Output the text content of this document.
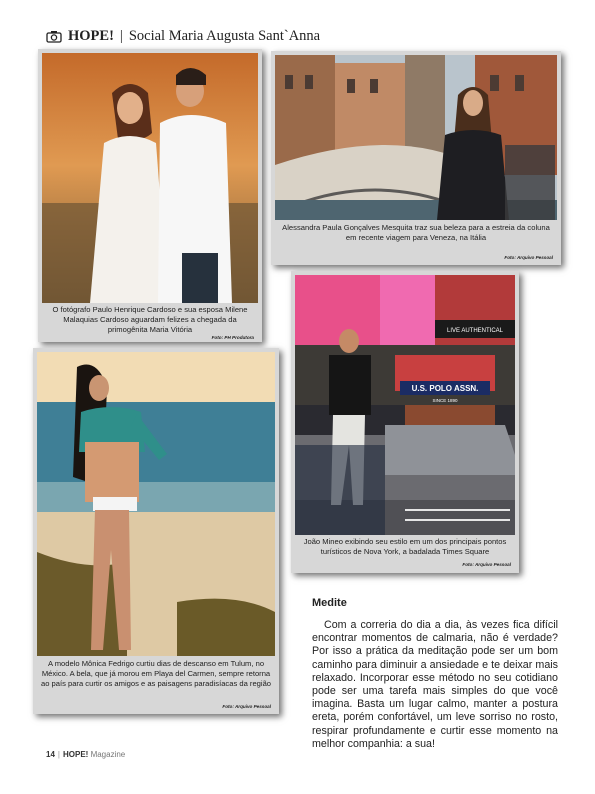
HOPE! | Social Maria Augusta Sant`Anna
O fotógrafo Paulo Henrique Cardoso e sua esposa Milene Malaquias Cardoso aguardam felizes a chegada da primogênita Maria Vitória
Foto: PH Produtora
Alessandra Paula Gonçalves Mesquita traz sua beleza para a estreia da coluna em recente viagem para Veneza, na Itália
Foto: Arquivo Pessoal
LIVE AUTHENTICAL
U.S. POLO ASSN.
SINCE 1890
João Mineo exibindo seu estilo em um dos principais pontos turísticos de Nova York, a badalada Times Square
Foto: Arquivo Pessoal
A modelo Mônica Fedrigo curtiu dias de descanso em Tulum, no México. A bela, que já morou em Playa del Carmen, sempre retorna ao país para curtir os amigos e as paisagens paradisíacas da região
Foto: Arquivo Pessoal
Medite

Com a correria do dia a dia, às vezes fica difícil encontrar momentos de calmaria, não é verdade? Por isso a prática da meditação pode ser um bom caminho para diminuir a ansiedade e te deixar mais relaxado. Incorporar esse método no seu cotidiano pode ser uma tarefa mais simples do que você imagina. Basta um lugar calmo, manter a postura ereta, porém confortável, um leve sorriso no rosto, respirar profundamente e curtir esse momento na melhor companhia: a sua!

14 | HOPE! Magazine
